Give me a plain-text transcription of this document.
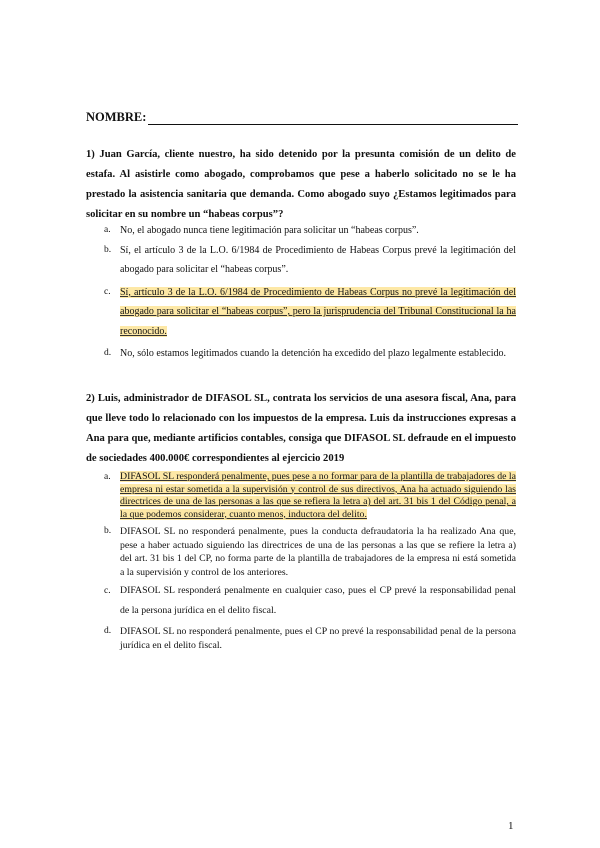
NOMBRE:
1) Juan García, cliente nuestro, ha sido detenido por la presunta comisión de un delito de estafa. Al asistirle como abogado, comprobamos que pese a haberlo solicitado no se le ha prestado la asistencia sanitaria que demanda. Como abogado suyo ¿Estamos legitimados para solicitar en su nombre un “habeas corpus”?
a. No, el abogado nunca tiene legitimación para solicitar un “habeas corpus”.
b. Sí, el artículo 3 de la L.O. 6/1984 de Procedimiento de Habeas Corpus prevé la legitimación del abogado para solicitar el “habeas corpus”.
c. Sí, artículo 3 de la L.O. 6/1984 de Procedimiento de Habeas Corpus no prevé la legitimación del abogado para solicitar el “habeas corpus”, pero la jurisprudencia del Tribunal Constitucional la ha reconocido.
d. No, sólo estamos legitimados cuando la detención ha excedido del plazo legalmente establecido.
2) Luis, administrador de DIFASOL SL, contrata los servicios de una asesora fiscal, Ana, para que lleve todo lo relacionado con los impuestos de la empresa. Luis da instrucciones expresas a Ana para que, mediante artificios contables, consiga que DIFASOL SL defraude en el impuesto de sociedades 400.000€ correspondientes al ejercicio 2019
a. DIFASOL SL responderá penalmente, pues pese a no formar para de la plantilla de trabajadores de la empresa ni estar sometida a la supervisión y control de sus directivos, Ana ha actuado siguiendo las directrices de una de las personas a las que se refiera la letra a) del art. 31 bis 1 del Código penal, a la que podemos considerar, cuanto menos, inductora del delito.
b. DIFASOL SL no responderá penalmente, pues la conducta defraudatoria la ha realizado Ana que, pese a haber actuado siguiendo las directrices de una de las personas a las que se refiere la letra a) del art. 31 bis 1 del CP, no forma parte de la plantilla de trabajadores de la empresa ni está sometida a la supervisión y control de los anteriores.
c. DIFASOL SL responderá penalmente en cualquier caso, pues el CP prevé la responsabilidad penal de la persona jurídica en el delito fiscal.
d. DIFASOL SL no responderá penalmente, pues el CP no prevé la responsabilidad penal de la persona jurídica en el delito fiscal.
1
